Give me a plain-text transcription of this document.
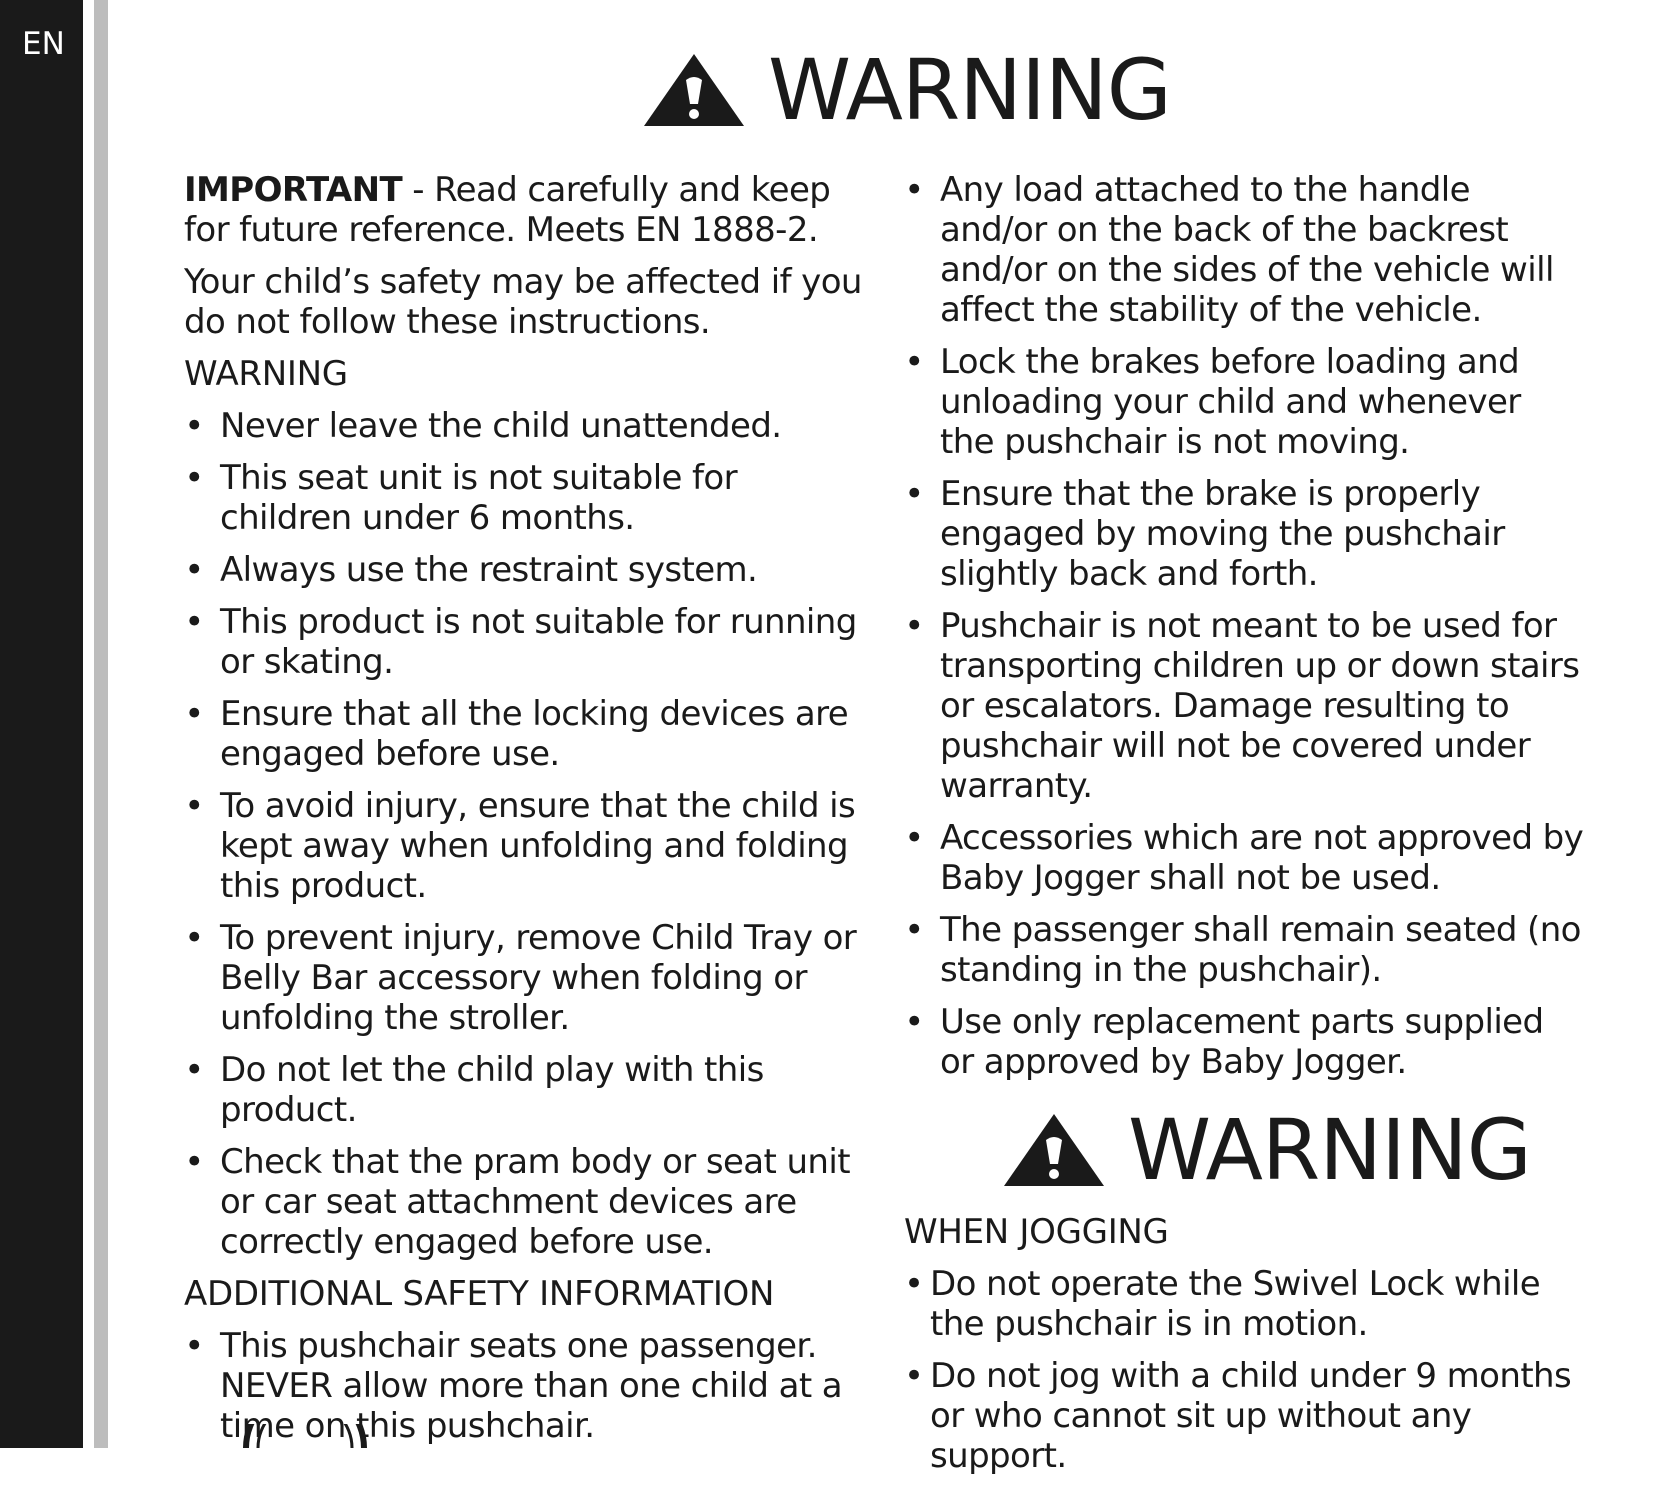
EN	WARNING

IMPORTANT - Read carefully and keep for future reference. Meets EN 1888-2.

Your child’s safety may be affected if you do not follow these instructions.

WARNING
• Never leave the child unattended.
• This seat unit is not suitable for children under 6 months.
• Always use the restraint system.
• This product is not suitable for running or skating.
• Ensure that all the locking devices are engaged before use.
• To avoid injury, ensure that the child is kept away when unfolding and folding this product.
• To prevent injury, remove Child Tray or Belly Bar accessory when folding or unfolding the stroller.
• Do not let the child play with this product.
• Check that the pram body or seat unit or car seat attachment devices are correctly engaged before use.
ADDITIONAL SAFETY INFORMATION
• This pushchair seats one passenger. NEVER allow more than one child at a time on this pushchair.
• Any load attached to the handle and/or on the back of the backrest and/or on the sides of the vehicle will affect the stability of the vehicle.
• Lock the brakes before loading and unloading your child and whenever the pushchair is not moving.
• Ensure that the brake is properly engaged by moving the pushchair slightly back and forth.
• Pushchair is not meant to be used for transporting children up or down stairs or escalators. Damage resulting to pushchair will not be covered under warranty.
• Accessories which are not approved by Baby Jogger shall not be used.
• The passenger shall remain seated (no standing in the pushchair).
• Use only replacement parts supplied or approved by Baby Jogger.
WARNING
WHEN JOGGING
• Do not operate the Swivel Lock while the pushchair is in motion.
• Do not jog with a child under 9 months or who cannot sit up without any support.
